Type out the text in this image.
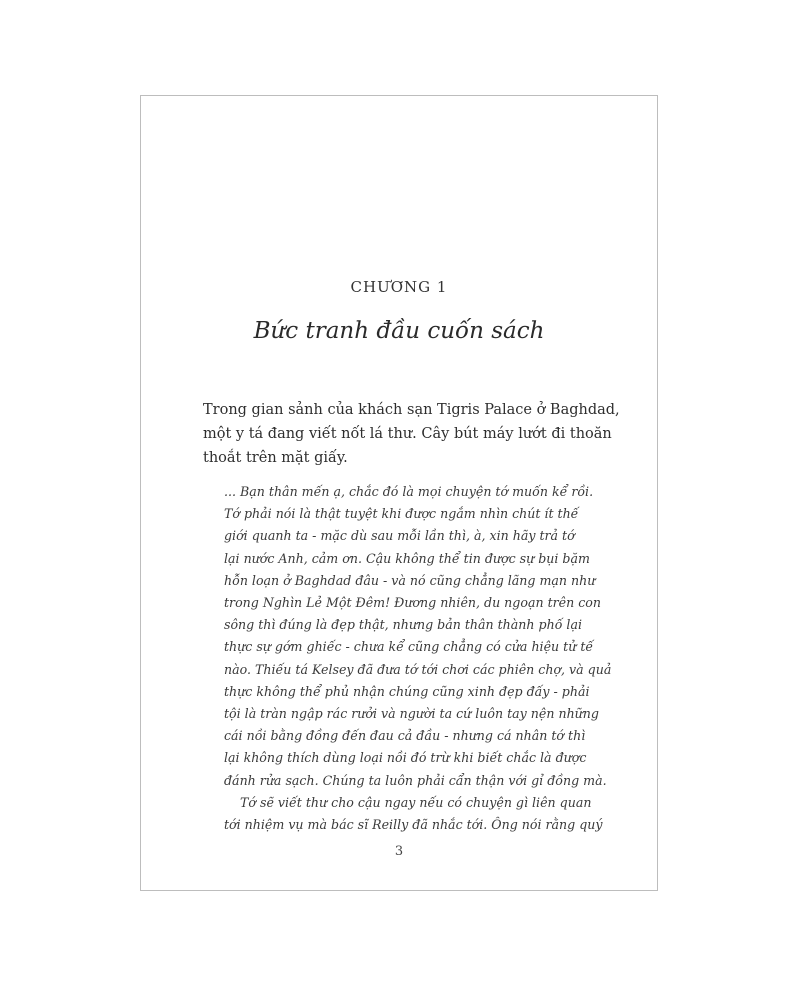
CHƯƠNG 1
Bức tranh đầu cuốn sách
Trong gian sảnh của khách sạn Tigris Palace ở Baghdad,
một y tá đang viết nốt lá thư. Cây bút máy lướt đi thoăn
thoắt trên mặt giấy.
... Bạn thân mến ạ, chắc đó là mọi chuyện tớ muốn kể rồi.
Tớ phải nói là thật tuyệt khi được ngắm nhìn chút ít thế
giới quanh ta - mặc dù sau mỗi lần thì, à, xin hãy trả tớ
lại nước Anh, cảm ơn. Cậu không thể tin được sự bụi bặm
hỗn loạn ở Baghdad đâu - và nó cũng chẳng lãng mạn như
trong Nghìn Lẻ Một Đêm! Đương nhiên, du ngoạn trên con
sông thì đúng là đẹp thật, nhưng bản thân thành phố lại
thực sự gớm ghiếc - chưa kể cũng chẳng có cửa hiệu tử tế
nào. Thiếu tá Kelsey đã đưa tớ tới chơi các phiên chợ, và quả
thực không thể phủ nhận chúng cũng xinh đẹp đấy - phải
tội là tràn ngập rác rưởi và người ta cứ luôn tay nện những
cái nồi bằng đồng đến đau cả đầu - nhưng cá nhân tớ thì
lại không thích dùng loại nồi đó trừ khi biết chắc là được
đánh rửa sạch. Chúng ta luôn phải cẩn thận với gỉ đồng mà.
Tớ sẽ viết thư cho cậu ngay nếu có chuyện gì liên quan
tới nhiệm vụ mà bác sĩ Reilly đã nhắc tới. Ông nói rằng quý
3
